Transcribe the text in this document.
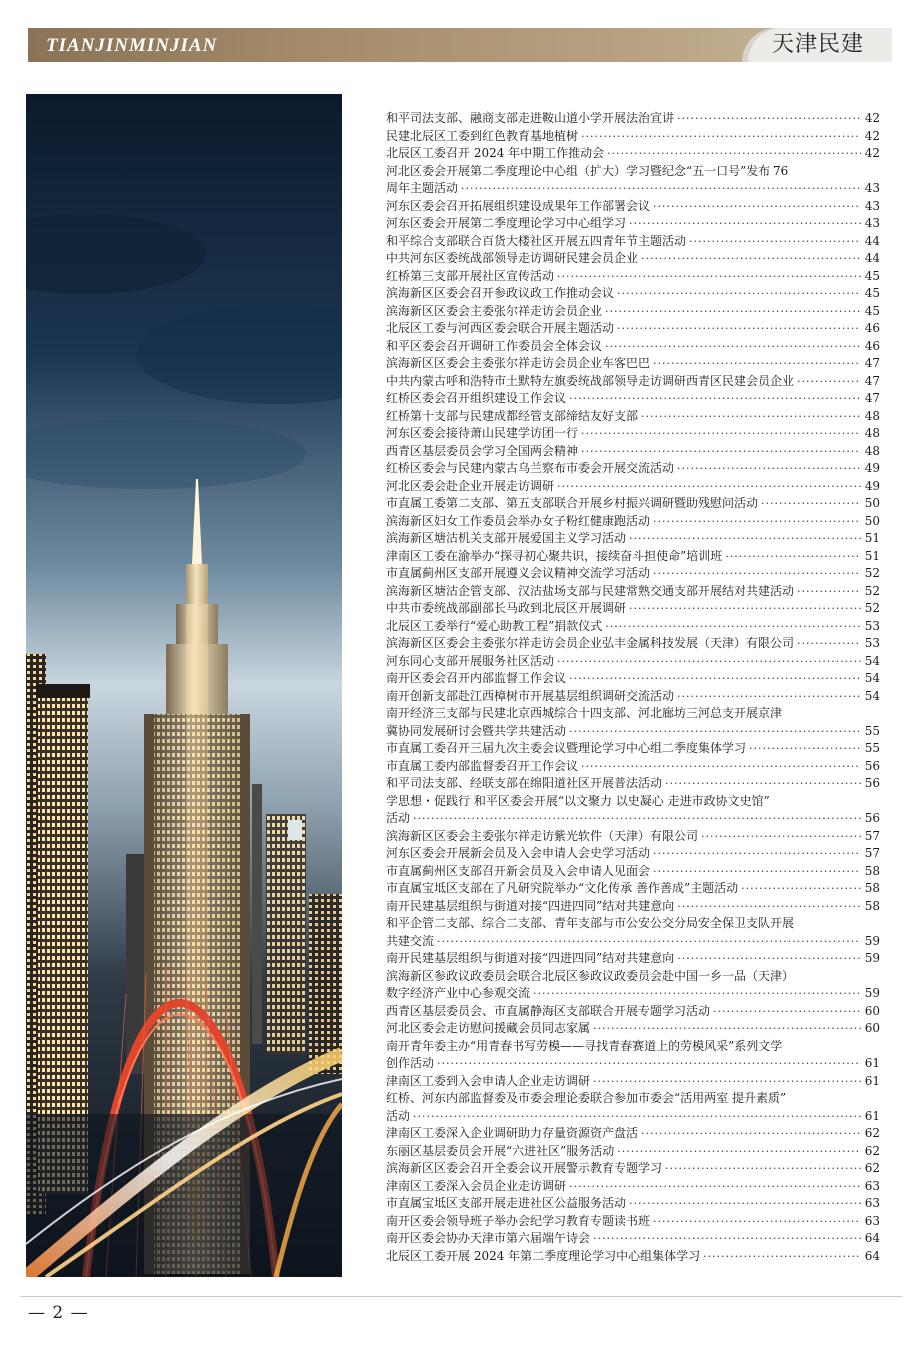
TIANJINMINJIAN	天津民建
和平司法支部、融商支部走进鞍山道小学开展法治宣讲 ·····	42
民建北辰区工委到红色教育基地植树 ·····	42
北辰区工委召开 2024 年中期工作推动会 ·····	42
河北区委会开展第二季度理论中心组（扩大）学习暨纪念“五一口号”发布 76
周年主题活动 ·····	43
河东区委会召开拓展组织建设成果年工作部署会议 ·····	43
河东区委会开展第二季度理论学习中心组学习 ·····	43
和平综合支部联合百货大楼社区开展五四青年节主题活动 ·····	44
中共河东区委统战部领导走访调研民建会员企业 ·····	44
红桥第三支部开展社区宣传活动 ·····	45
滨海新区区委会召开参政议政工作推动会议 ·····	45
滨海新区区委会主委张尔祥走访会员企业 ·····	45
北辰区工委与河西区委会联合开展主题活动 ·····	46
和平区委会召开调研工作委员会全体会议 ·····	46
滨海新区区委会主委张尔祥走访会员企业车客巴巴 ·····	47
中共内蒙古呼和浩特市土默特左旗委统战部领导走访调研西青区民建会员企业 ·····	47
红桥区委会召开组织建设工作会议 ·····	47
红桥第十支部与民建成都经管支部缔结友好支部 ·····	48
河东区委会接待萧山民建学访团一行 ·····	48
西青区基层委员会学习全国两会精神 ·····	48
红桥区委会与民建内蒙古乌兰察布市委会开展交流活动 ·····	49
河北区委会赴企业开展走访调研 ·····	49
市直属工委第二支部、第五支部联合开展乡村振兴调研暨助残慰问活动 ·····	50
滨海新区妇女工作委员会举办女子粉红健康跑活动 ·····	50
滨海新区塘沽机关支部开展爱国主义学习活动 ·····	51
津南区工委在渝举办“探寻初心聚共识，接续奋斗担使命”培训班 ·····	51
市直属蓟州区支部开展遵义会议精神交流学习活动 ·····	52
滨海新区塘沽企管支部、汉沽盐场支部与民建常熟交通支部开展结对共建活动 ·····	52
中共市委统战部副部长马政到北辰区开展调研 ·····	52
北辰区工委举行“爱心助教工程”捐款仪式 ·····	53
滨海新区区委会主委张尔祥走访会员企业弘丰金属科技发展（天津）有限公司 ·····	53
河东同心支部开展服务社区活动 ·····	54
南开区委会召开内部监督工作会议 ·····	54
南开创新支部赴江西樟树市开展基层组织调研交流活动 ·····	54
南开经济三支部与民建北京西城综合十四支部、河北廊坊三河总支开展京津
冀协同发展研讨会暨共学共建活动 ·····	55
市直属工委召开三届九次主委会议暨理论学习中心组二季度集体学习 ·····	55
市直属工委内部监督委召开工作会议 ·····	56
和平司法支部、经联支部在绵阳道社区开展普法活动 ·····	56
学思想・促践行 和平区委会开展“以文聚力 以史凝心 走进市政协文史馆”
活动 ·····	56
滨海新区区委会主委张尔祥走访紫光软件（天津）有限公司 ·····	57
河东区委会开展新会员及入会申请人会史学习活动 ·····	57
市直属蓟州区支部召开新会员及入会申请人见面会 ·····	58
市直属宝坻区支部在了凡研究院举办“文化传承 善作善成”主题活动 ·····	58
南开民建基层组织与街道对接“四进四同”结对共建意向 ·····	58
和平企管二支部、综合二支部、青年支部与市公安公交分局安全保卫支队开展
共建交流 ·····	59
南开民建基层组织与街道对接“四进四同”结对共建意向 ·····	59
滨海新区参政议政委员会联合北辰区参政议政委员会赴中国一乡一品（天津）
数字经济产业中心参观交流 ·····	59
西青区基层委员会、市直属静海区支部联合开展专题学习活动 ·····	60
河北区委会走访慰问援藏会员同志家属 ·····	60
南开青年委主办“用青春书写劳模——寻找青春赛道上的劳模风采”系列文学
创作活动 ·····	61
津南区工委到入会申请人企业走访调研 ·····	61
红桥、河东内部监督委及市委会理论委联合参加市委会“活用两室 提升素质”
活动 ·····	61
津南区工委深入企业调研助力存量资源资产盘活 ·····	62
东丽区基层委员会开展“六进社区”服务活动 ·····	62
滨海新区区委会召开全委会议开展警示教育专题学习 ·····	62
津南区工委深入会员企业走访调研 ·····	63
市直属宝坻区支部开展走进社区公益服务活动 ·····	63
南开区委会领导班子举办会纪学习教育专题读书班 ·····	63
南开区委会协办天津市第六届端午诗会 ·····	64
北辰区工委开展 2024 年第二季度理论学习中心组集体学习 ·····	64
— 2 —
